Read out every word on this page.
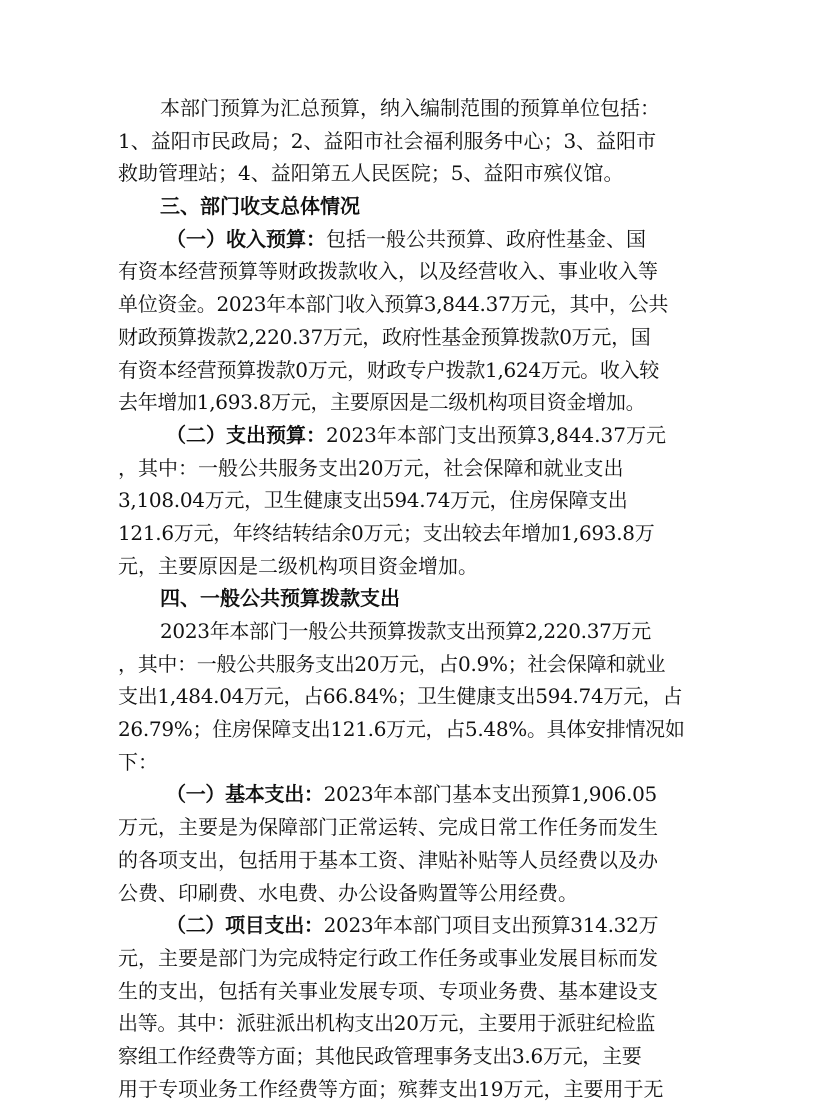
本部门预算为汇总预算，纳入编制范围的预算单位包括：
1、益阳市民政局；2、益阳市社会福利服务中心；3、益阳市
救助管理站；4、益阳第五人民医院；5、益阳市殡仪馆。
三、部门收支总体情况
（一）收入预算：包括一般公共预算、政府性基金、国
有资本经营预算等财政拨款收入，以及经营收入、事业收入等
单位资金。2023年本部门收入预算3,844.37万元，其中，公共
财政预算拨款2,220.37万元，政府性基金预算拨款0万元，国
有资本经营预算拨款0万元，财政专户拨款1,624万元。收入较
去年增加1,693.8万元，主要原因是二级机构项目资金增加。
（二）支出预算：2023年本部门支出预算3,844.37万元
，其中：一般公共服务支出20万元，社会保障和就业支出
3,108.04万元，卫生健康支出594.74万元，住房保障支出
121.6万元，年终结转结余0万元；支出较去年增加1,693.8万
元，主要原因是二级机构项目资金增加。
四、一般公共预算拨款支出
2023年本部门一般公共预算拨款支出预算2,220.37万元
，其中：一般公共服务支出20万元，占0.9%；社会保障和就业
支出1,484.04万元，占66.84%；卫生健康支出594.74万元，占
26.79%；住房保障支出121.6万元，占5.48%。具体安排情况如
下：
（一）基本支出：2023年本部门基本支出预算1,906.05
万元，主要是为保障部门正常运转、完成日常工作任务而发生
的各项支出，包括用于基本工资、津贴补贴等人员经费以及办
公费、印刷费、水电费、办公设备购置等公用经费。
（二）项目支出：2023年本部门项目支出预算314.32万
元，主要是部门为完成特定行政工作任务或事业发展目标而发
生的支出，包括有关事业发展专项、专项业务费、基本建设支
出等。其中：派驻派出机构支出20万元，主要用于派驻纪检监
察组工作经费等方面；其他民政管理事务支出3.6万元，主要
用于专项业务工作经费等方面；殡葬支出19万元，主要用于无
